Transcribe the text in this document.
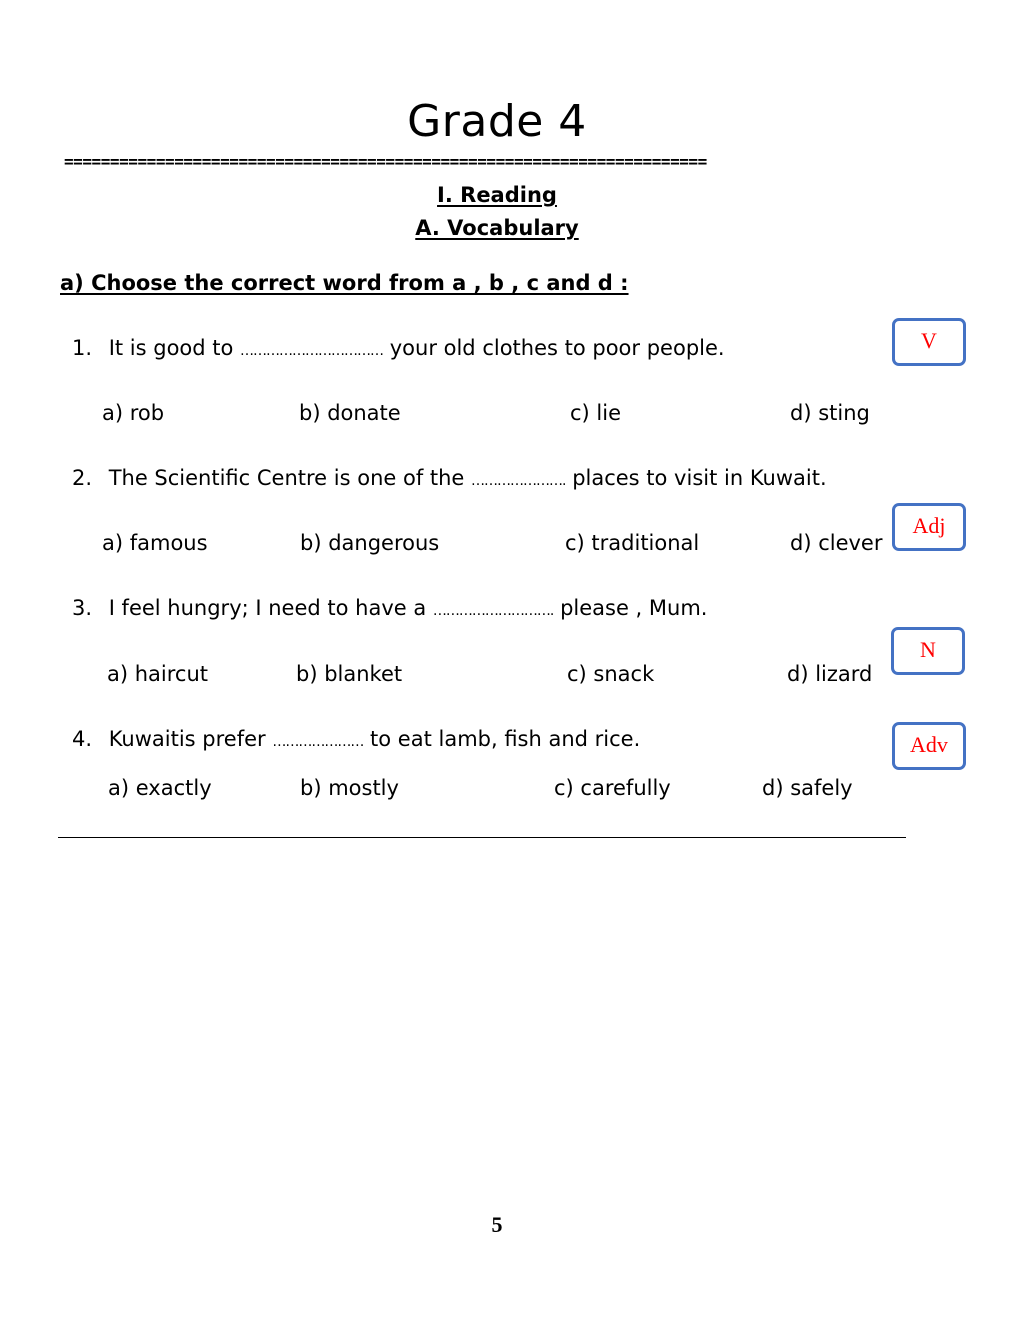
Grade 4
======================================================================
I. Reading
A. Vocabulary
a) Choose the correct word from a , b , c and d :
1. It is good to …………………………… your old clothes to poor people.	V
a) rob	b) donate	c) lie	d) sting
2. The Scientific Centre is one of the …………………. places to visit in Kuwait.
a) famous	b) dangerous	c) traditional	d) clever
Adj
3. I feel hungry; I need to have a ………………………. please , Mum.
N
a) haircut	b) blanket	c) snack	d) lizard
4. Kuwaitis prefer ………………… to eat lamb, fish and rice.	Adv
a) exactly	b) mostly	c) carefully	d) safely
5
